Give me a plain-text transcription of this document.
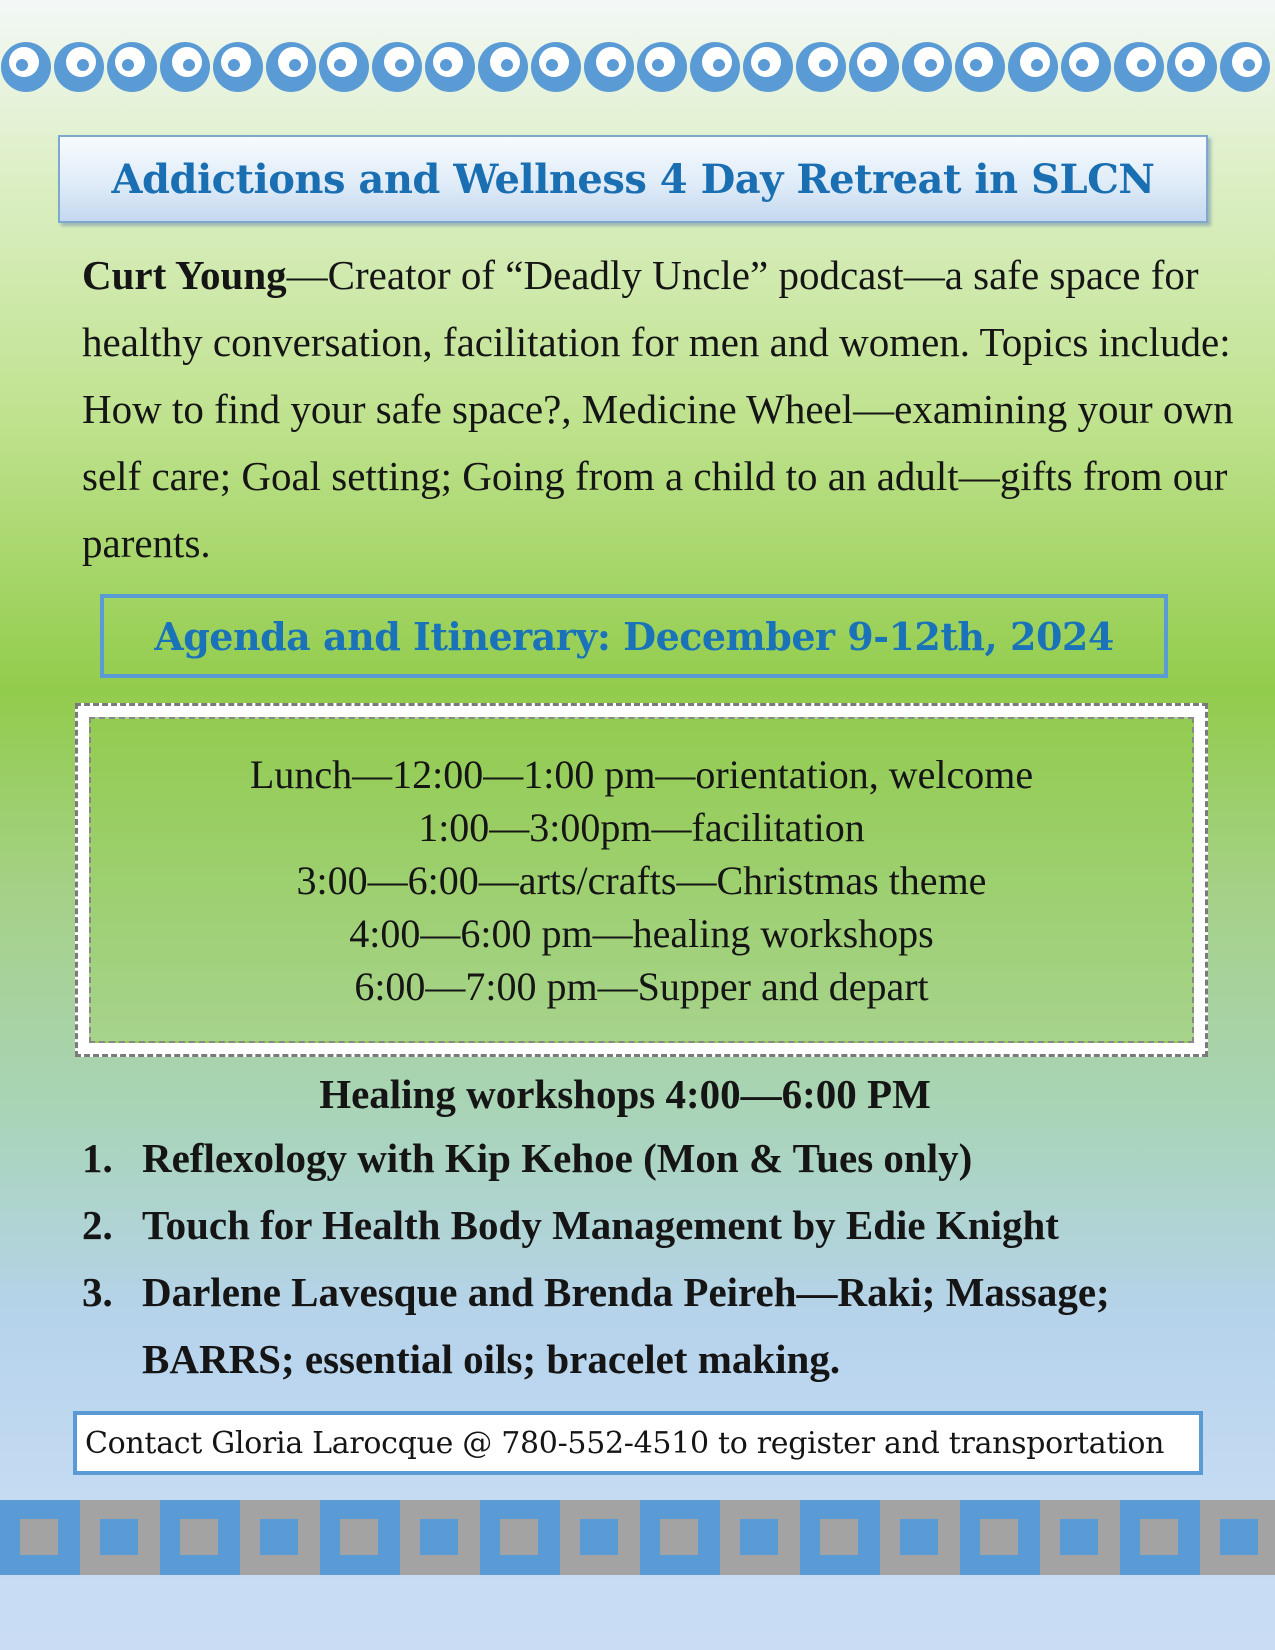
Addictions and Wellness 4 Day Retreat in SLCN

Curt Young—Creator of “Deadly Uncle” podcast—a safe space for healthy conversation, facilitation for men and women. Topics include: How to find your safe space?, Medicine Wheel—examining your own self care; Goal setting; Going from a child to an adult—gifts from our parents.

Agenda and Itinerary: December 9-12th, 2024
Lunch—12:00—1:00 pm—orientation, welcome
1:00—3:00pm—facilitation
3:00—6:00—arts/crafts—Christmas theme
4:00—6:00 pm—healing workshops
6:00—7:00 pm—Supper and depart
Healing workshops 4:00—6:00 PM
1. Reflexology with Kip Kehoe (Mon & Tues only)
2. Touch for Health Body Management by Edie Knight
3. Darlene Lavesque and Brenda Peireh—Raki; Massage; BARRS; essential oils; bracelet making.
Contact Gloria Larocque @ 780-552-4510 to register and transportation
